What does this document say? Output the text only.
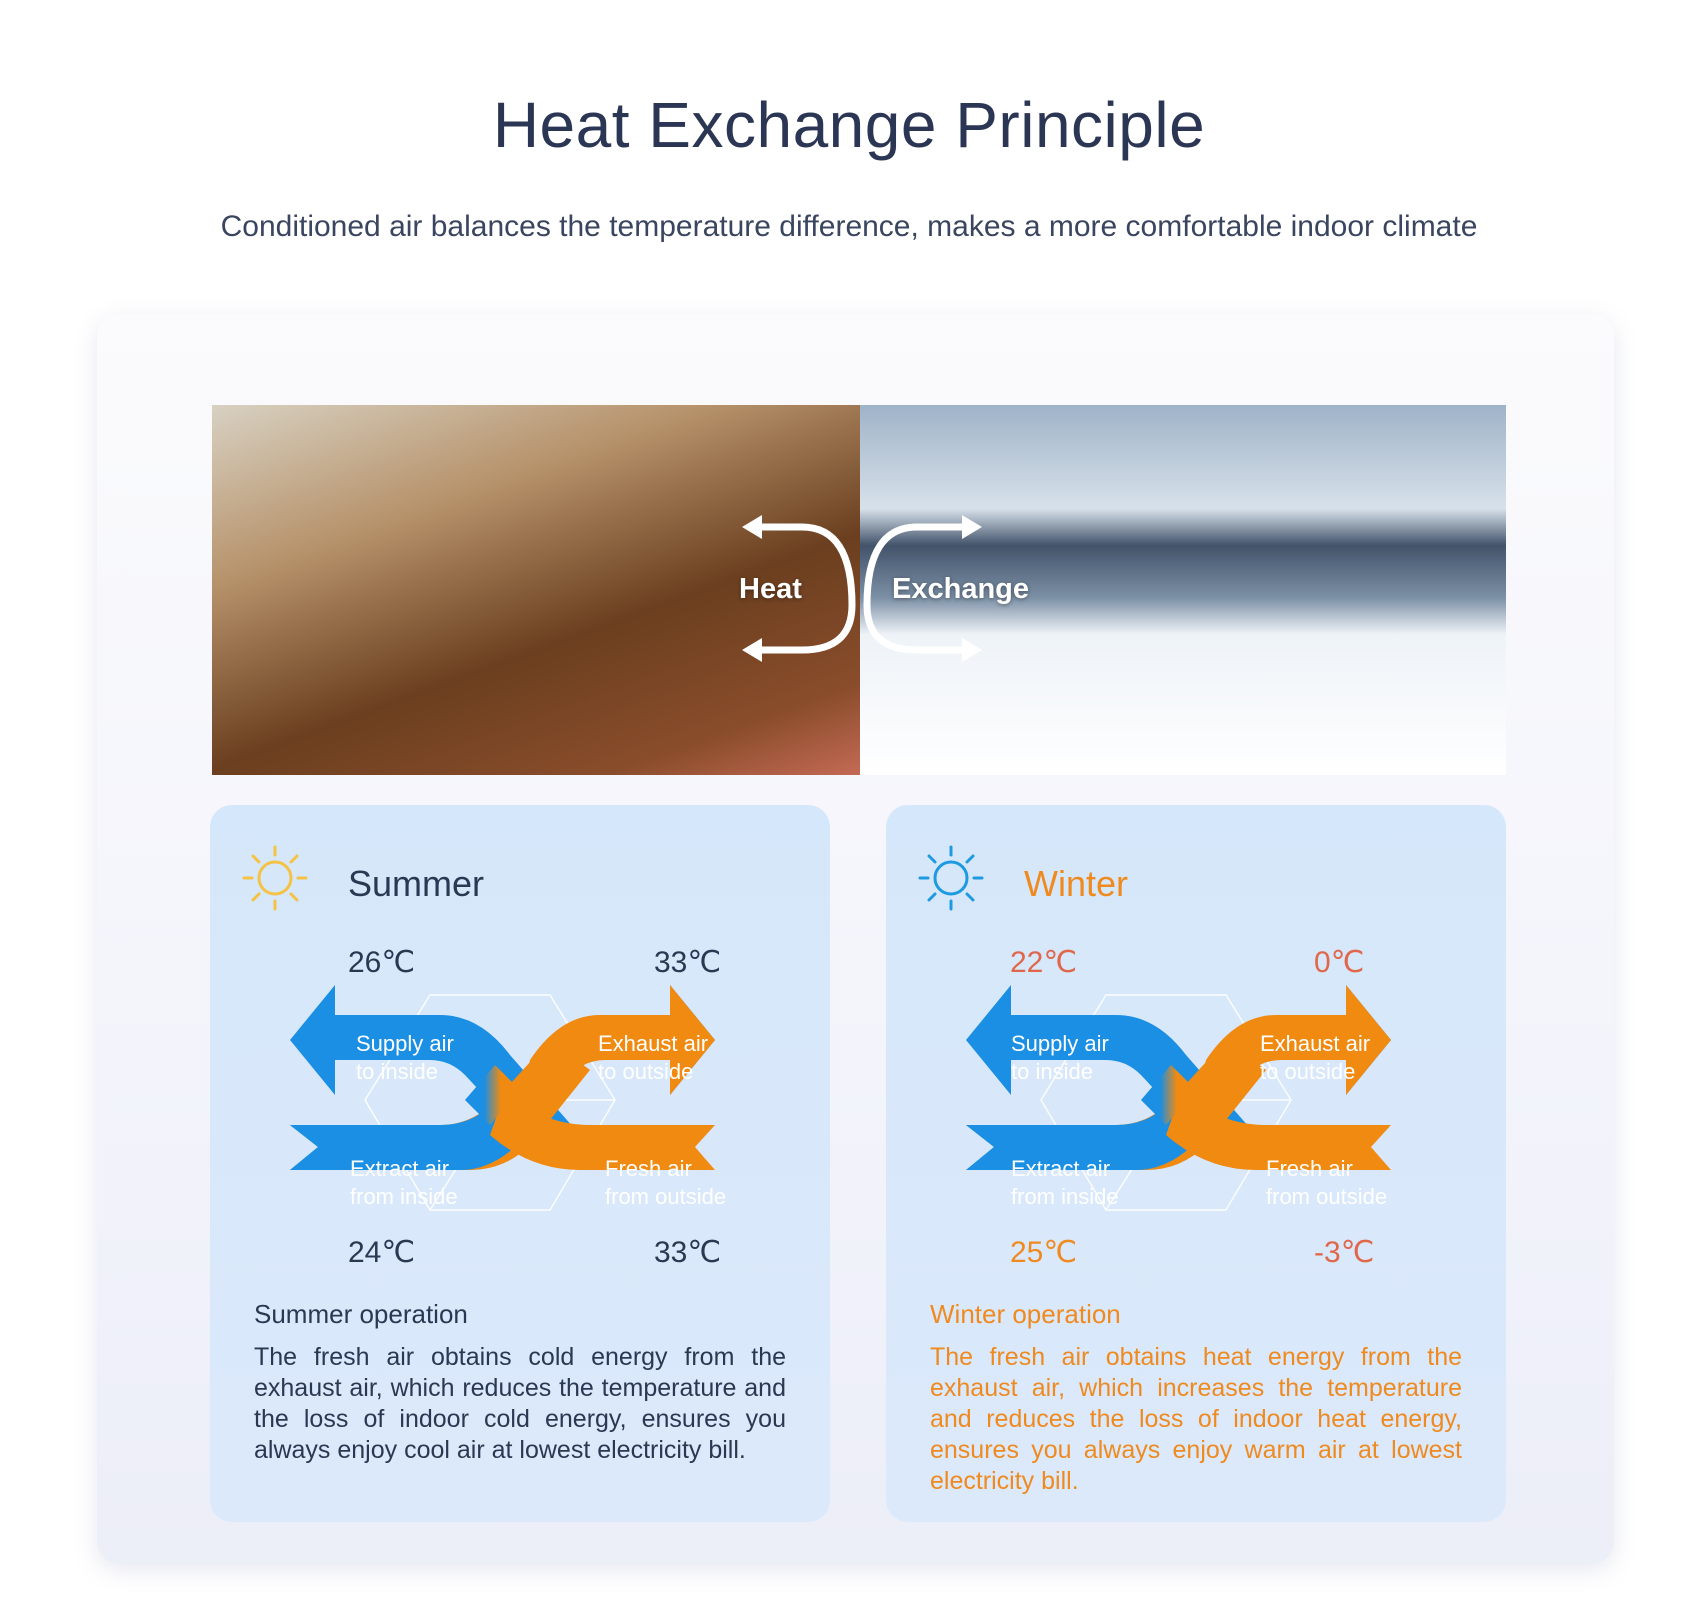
Heat Exchange Principle
Conditioned air balances the temperature difference, makes a more comfortable indoor climate
Heat	Exchange
Summer
26℃	33℃
Supply air
to inside
Exhaust air
to outside
Extract air
from inside
Fresh air
from outside
24℃	33℃
Summer operation
The fresh air obtains cold energy from the exhaust air, which reduces the temperature and the loss of indoor cold energy, ensures you always enjoy cool air at lowest electricity bill.
Winter
22℃	0℃
Supply air
to inside
Exhaust air
to outside
Extract air
from inside
Fresh air
from outside
25℃	-3℃
Winter operation
The fresh air obtains heat energy from the exhaust air, which increases the temperature and reduces the loss of indoor heat energy, ensures you always enjoy warm air at lowest electricity bill.
